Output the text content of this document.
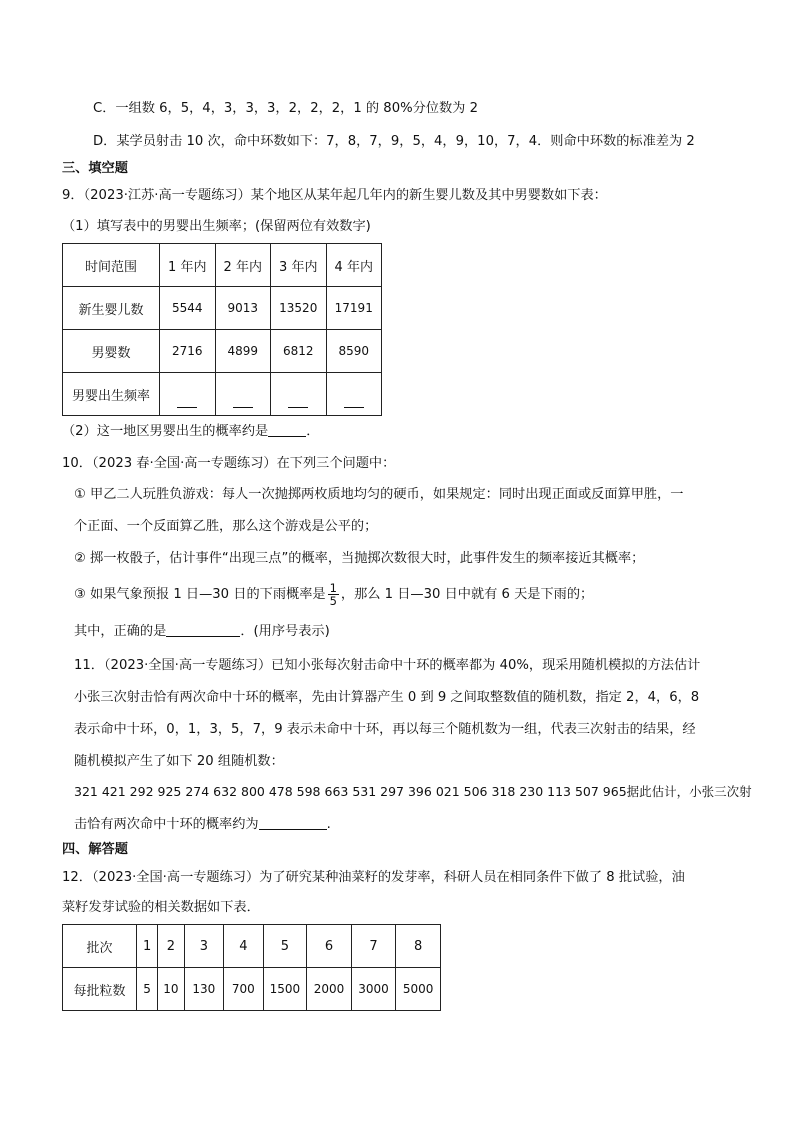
C．一组数 6，5，4，3，3，3，2，2，2，1 的 80%分位数为 2
D．某学员射击 10 次，命中环数如下：7，8，7，9，5，4，9，10，7，4．则命中环数的标准差为 2
三、填空题
9．（2023·江苏·高一专题练习）某个地区从某年起几年内的新生婴儿数及其中男婴数如下表：
（1）填写表中的男婴出生频率；(保留两位有效数字)
时间范围	1 年内	2 年内	3 年内	4 年内
新生婴儿数	5544	9013	13520	17191
男婴数	2716	4899	6812	8590
男婴出生频率				
（2）这一地区男婴出生的概率约是	．
10．（2023 春·全国·高一专题练习）在下列三个问题中：
① 甲乙二人玩胜负游戏：每人一次抛掷两枚质地均匀的硬币，如果规定：同时出现正面或反面算甲胜，一
个正面、一个反面算乙胜，那么这个游戏是公平的；
② 掷一枚骰子，估计事件“出现三点”的概率，当抛掷次数很大时，此事件发生的频率接近其概率；
③ 如果气象预报 1 日—30 日的下雨概率是 $\frac{1}{5}$ ，那么 1 日—30 日中就有 6 天是下雨的；
其中，正确的是	．(用序号表示)
11．（2023·全国·高一专题练习）已知小张每次射击命中十环的概率都为 40%，现采用随机模拟的方法估计
小张三次射击恰有两次命中十环的概率，先由计算器产生 0 到 9 之间取整数值的随机数，指定 2，4，6，8
表示命中十环，0，1，3，5，7，9 表示未命中十环，再以每三个随机数为一组，代表三次射击的结果，经
随机模拟产生了如下 20 组随机数：
321 421 292 925 274 632 800 478 598 663 531 297 396 021 506 318 230 113 507 965据此估计，小张三次射
击恰有两次命中十环的概率约为	.
四、解答题
12．（2023·全国·高一专题练习）为了研究某种油菜籽的发芽率，科研人员在相同条件下做了 8 批试验，油
菜籽发芽试验的相关数据如下表．
批次	1	2	3	4	5	6	7	8
每批粒数	5	10	130	700	1500	2000	3000	5000
